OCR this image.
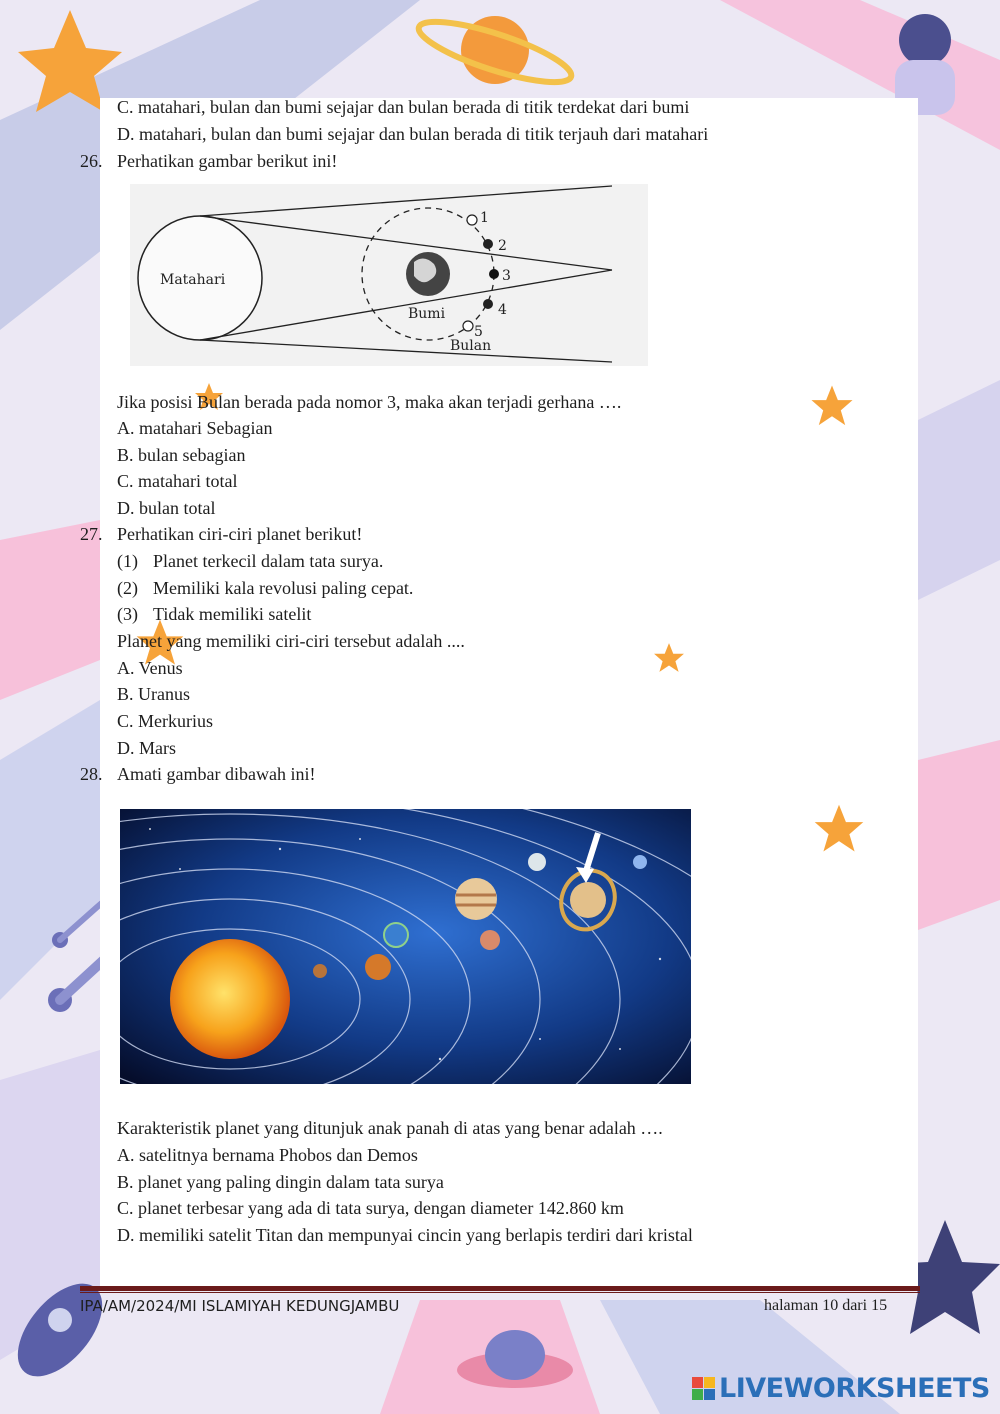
C. matahari, bulan dan bumi sejajar dan bulan berada di titik terdekat dari bumi
D. matahari, bulan dan bumi sejajar dan bulan berada di titik terjauh dari matahari
26. Perhatikan gambar berikut ini!
Matahari
Bumi
1
2
3
4
5
Bulan
Jika posisi Bulan berada pada nomor 3, maka akan terjadi gerhana ….
A. matahari Sebagian
B. bulan sebagian
C. matahari total
D. bulan total
27. Perhatikan ciri-ciri planet berikut!
(1) Planet terkecil dalam tata surya.
(2) Memiliki kala revolusi paling cepat.
(3) Tidak memiliki satelit
Planet yang memiliki ciri-ciri tersebut adalah ....
A. Venus
B. Uranus
C. Merkurius
D. Mars
28. Amati gambar dibawah ini!
Karakteristik planet yang ditunjuk anak panah di atas yang benar adalah ….
A. satelitnya bernama Phobos dan Demos
B. planet yang paling dingin dalam tata surya
C. planet terbesar yang ada di tata surya, dengan diameter 142.860 km
D. memiliki satelit Titan dan mempunyai cincin yang berlapis terdiri dari kristal
IPA/AM/2024/MI ISLAMIYAH KEDUNGJAMBU	halaman 10 dari 15
LIVEWORKSHEETS
